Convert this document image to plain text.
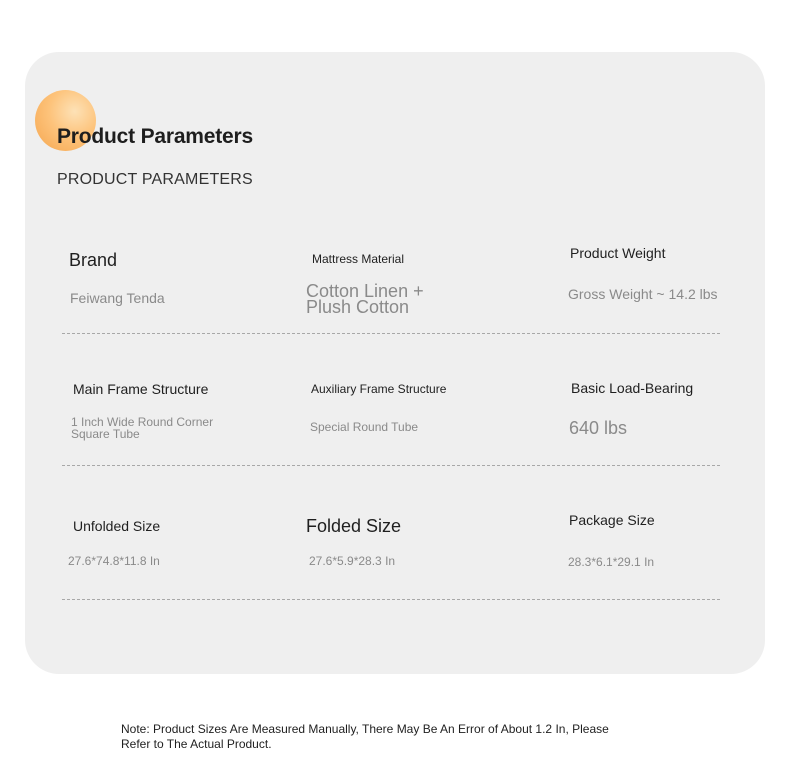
Product Parameters
PRODUCT PARAMETERS
Brand
Feiwang Tenda
Mattress Material
Cotton Linen +
Plush Cotton
Product Weight
Gross Weight ~ 14.2 lbs
Main Frame Structure
1 Inch Wide Round Corner
Square Tube
Auxiliary Frame Structure
Special Round Tube
Basic Load-Bearing
640 lbs
Unfolded Size
27.6*74.8*11.8 In
Folded Size
27.6*5.9*28.3 In
Package Size
28.3*6.1*29.1 In
Note: Product Sizes Are Measured Manually, There May Be An Error of About 1.2 In, Please
Refer to The Actual Product.
